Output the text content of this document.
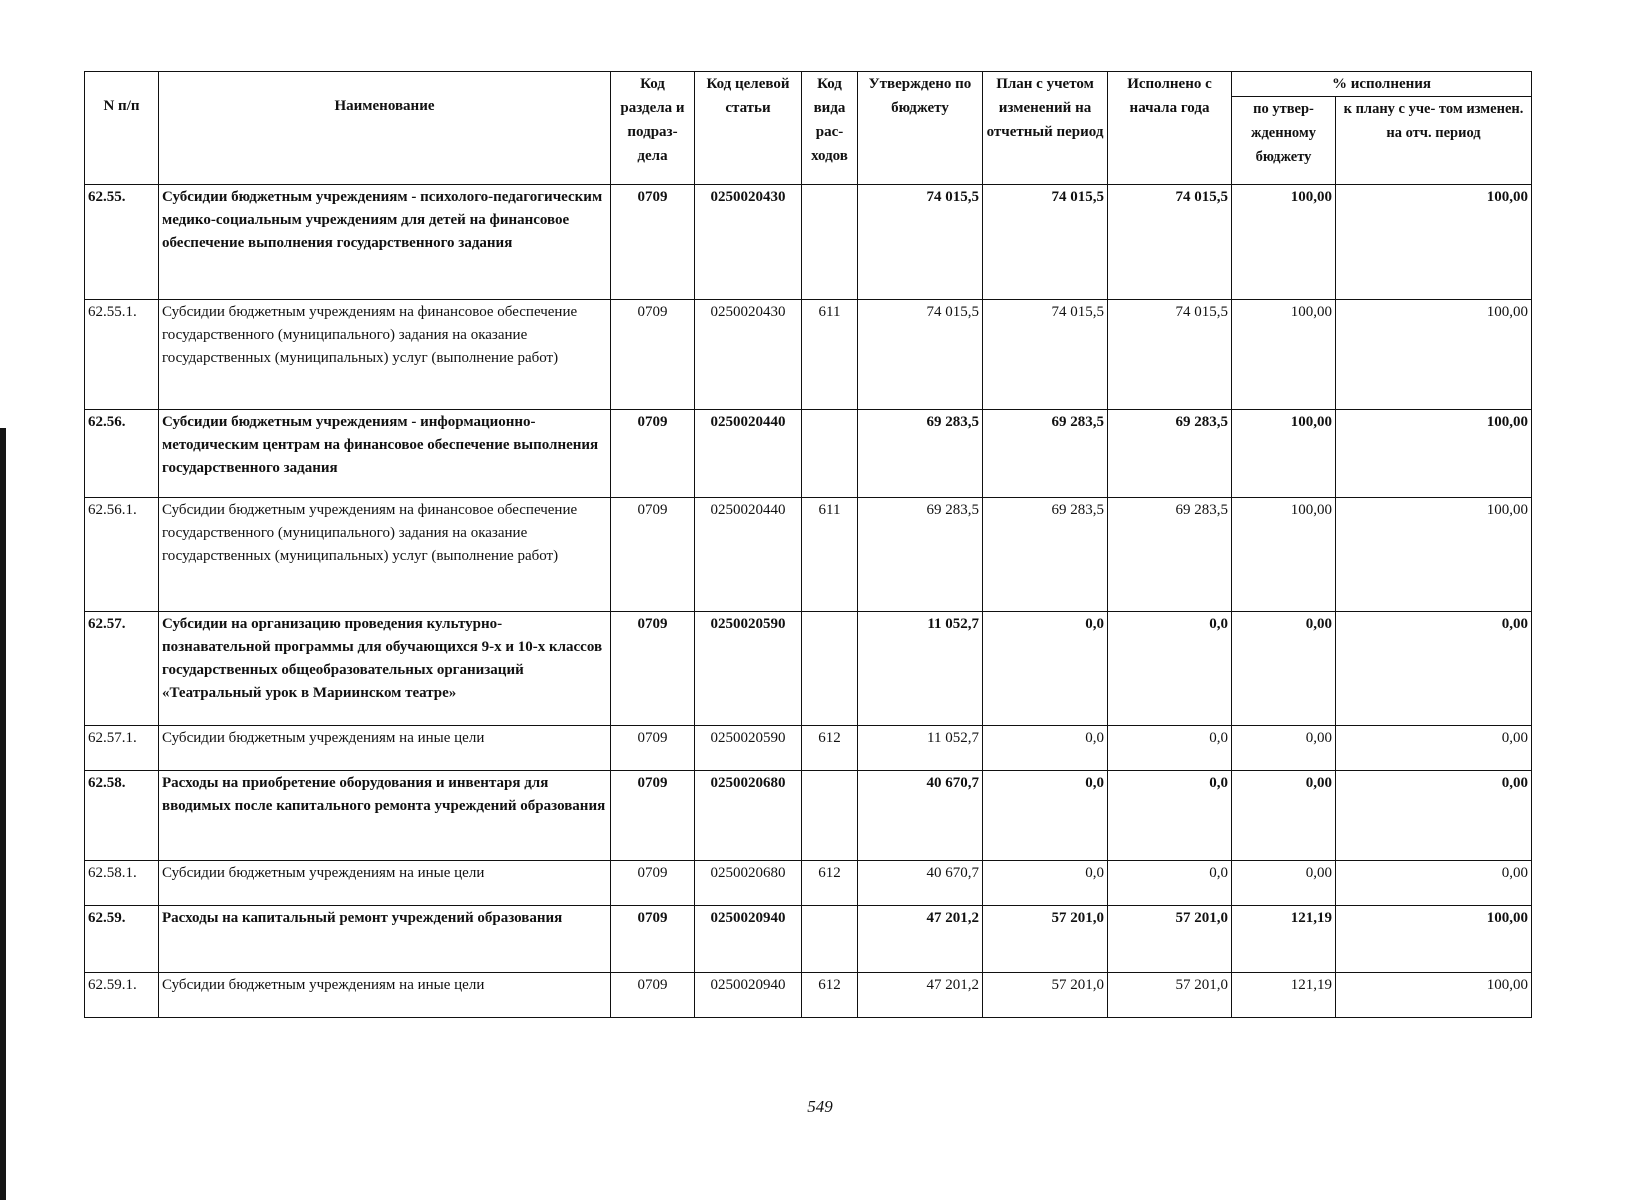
N п/п	Наименование	Код раздела и подраз- дела	Код целевой статьи	Код вида рас- ходов	Утверждено по бюджету	План с учетом изменений на отчетный период	Исполнено с начала года	% исполнения	
								по утвер- жденному бюджету	к плану с уче- том изменен. на отч. период
62.55.	Субсидии бюджетным учреждениям - психолого-педагогическим медико-социальным учреждениям для детей на финансовое обеспечение выполнения государственного задания	0709	0250020430		74 015,5	74 015,5	74 015,5	100,00	100,00
62.55.1.	Субсидии бюджетным учреждениям на финансовое обеспечение государственного (муниципального) задания на оказание государственных (муниципальных) услуг (выполнение работ)	0709	0250020430	611	74 015,5	74 015,5	74 015,5	100,00	100,00
62.56.	Субсидии бюджетным учреждениям - информационно-методическим центрам на финансовое обеспечение выполнения государственного задания	0709	0250020440		69 283,5	69 283,5	69 283,5	100,00	100,00
62.56.1.	Субсидии бюджетным учреждениям на финансовое обеспечение государственного (муниципального) задания на оказание государственных (муниципальных) услуг (выполнение работ)	0709	0250020440	611	69 283,5	69 283,5	69 283,5	100,00	100,00
62.57.	Субсидии на организацию проведения культурно-познавательной программы для обучающихся 9-х и 10-х классов государственных общеобразовательных организаций «Театральный урок в Мариинском театре»	0709	0250020590		11 052,7	0,0	0,0	0,00	0,00
62.57.1.	Субсидии бюджетным учреждениям на иные цели	0709	0250020590	612	11 052,7	0,0	0,0	0,00	0,00
62.58.	Расходы на приобретение оборудования и инвентаря для вводимых после капитального ремонта учреждений образования	0709	0250020680		40 670,7	0,0	0,0	0,00	0,00
62.58.1.	Субсидии бюджетным учреждениям на иные цели	0709	0250020680	612	40 670,7	0,0	0,0	0,00	0,00
62.59.	Расходы на капитальный ремонт учреждений образования	0709	0250020940		47 201,2	57 201,0	57 201,0	121,19	100,00
62.59.1.	Субсидии бюджетным учреждениям на иные цели	0709	0250020940	612	47 201,2	57 201,0	57 201,0	121,19	100,00
549
